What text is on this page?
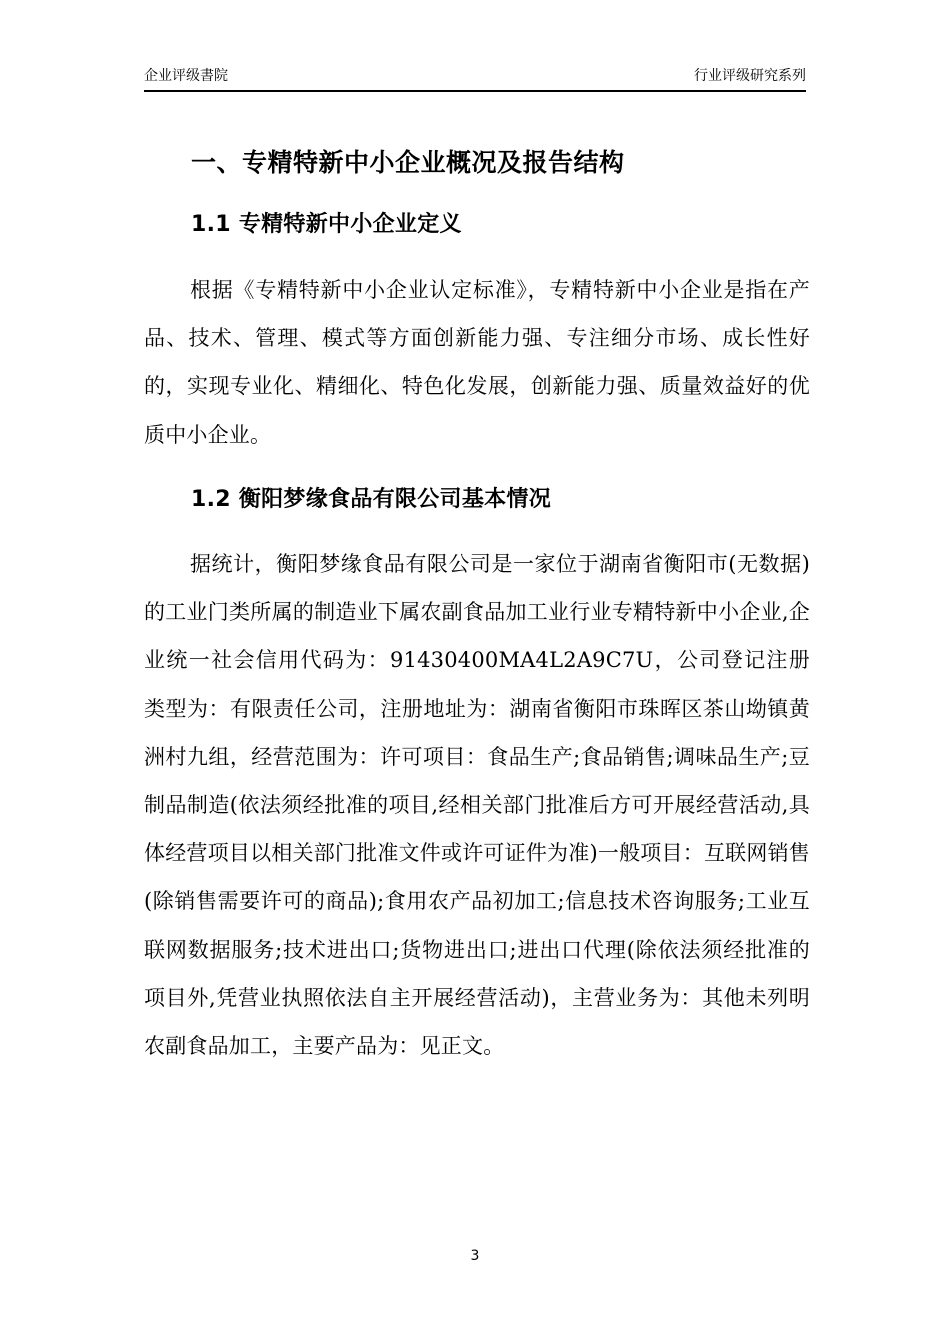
企业评级書院	行业评级研究系列
一、专精特新中小企业概况及报告结构
1.1 专精特新中小企业定义
根据《专精特新中小企业认定标准》，专精特新中小企业是指在产品、技术、管理、模式等方面创新能力强、专注细分市场、成长性好的，实现专业化、精细化、特色化发展，创新能力强、质量效益好的优质中小企业。
1.2 衡阳梦缘食品有限公司基本情况
据统计，衡阳梦缘食品有限公司是一家位于湖南省衡阳市(无数据)的工业门类所属的制造业下属农副食品加工业行业专精特新中小企业,企业统一社会信用代码为：91430400MA4L2A9C7U，公司登记注册类型为：有限责任公司，注册地址为：湖南省衡阳市珠晖区茶山坳镇黄洲村九组，经营范围为：许可项目：食品生产;食品销售;调味品生产;豆制品制造(依法须经批准的项目,经相关部门批准后方可开展经营活动,具体经营项目以相关部门批准文件或许可证件为准)一般项目：互联网销售(除销售需要许可的商品);食用农产品初加工;信息技术咨询服务;工业互联网数据服务;技术进出口;货物进出口;进出口代理(除依法须经批准的项目外,凭营业执照依法自主开展经营活动)，主营业务为：其他未列明农副食品加工，主要产品为：见正文。
3
